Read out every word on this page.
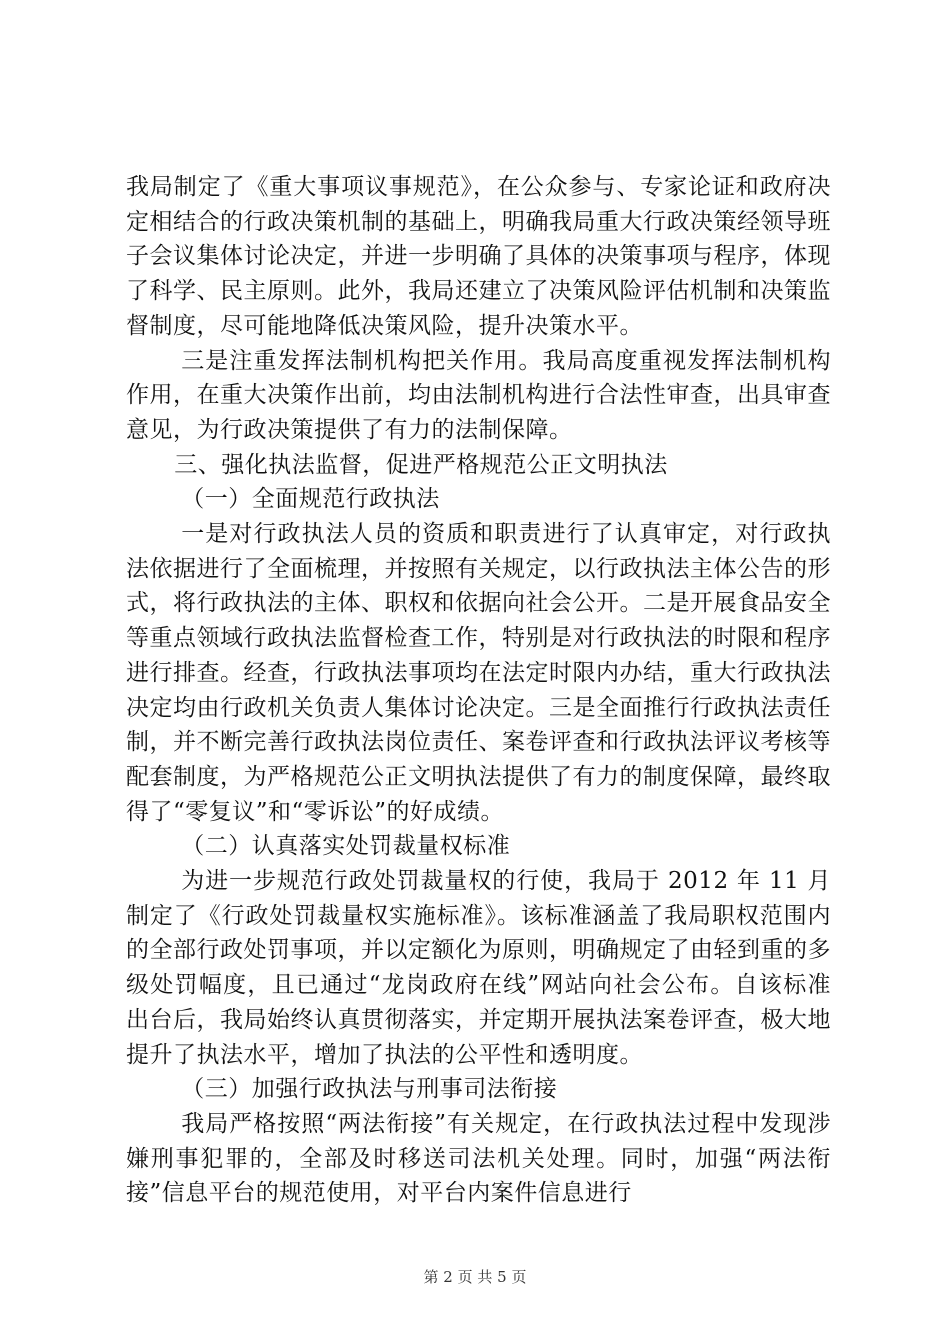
我局制定了《重大事项议事规范》，在公众参与、专家论证和政府决定相结合的行政决策机制的基础上，明确我局重大行政决策经领导班子会议集体讨论决定，并进一步明确了具体的决策事项与程序，体现了科学、民主原则。此外，我局还建立了决策风险评估机制和决策监督制度，尽可能地降低决策风险，提升决策水平。

三是注重发挥法制机构把关作用。我局高度重视发挥法制机构作用，在重大决策作出前，均由法制机构进行合法性审查，出具审查意见，为行政决策提供了有力的法制保障。

三、强化执法监督，促进严格规范公正文明执法

（一）全面规范行政执法

一是对行政执法人员的资质和职责进行了认真审定，对行政执法依据进行了全面梳理，并按照有关规定，以行政执法主体公告的形式，将行政执法的主体、职权和依据向社会公开。二是开展食品安全等重点领域行政执法监督检查工作，特别是对行政执法的时限和程序进行排查。经查，行政执法事项均在法定时限内办结，重大行政执法决定均由行政机关负责人集体讨论决定。三是全面推行行政执法责任制，并不断完善行政执法岗位责任、案卷评查和行政执法评议考核等配套制度，为严格规范公正文明执法提供了有力的制度保障，最终取得了“零复议”和“零诉讼”的好成绩。

（二）认真落实处罚裁量权标准

为进一步规范行政处罚裁量权的行使，我局于 2012 年 11 月制定了《行政处罚裁量权实施标准》。该标准涵盖了我局职权范围内的全部行政处罚事项，并以定额化为原则，明确规定了由轻到重的多级处罚幅度，且已通过“龙岗政府在线”网站向社会公布。自该标准出台后，我局始终认真贯彻落实，并定期开展执法案卷评查，极大地提升了执法水平，增加了执法的公平性和透明度。

（三）加强行政执法与刑事司法衔接

我局严格按照“两法衔接”有关规定，在行政执法过程中发现涉嫌刑事犯罪的，全部及时移送司法机关处理。同时，加强“两法衔接”信息平台的规范使用，对平台内案件信息进行

第 2 页 共 5 页
